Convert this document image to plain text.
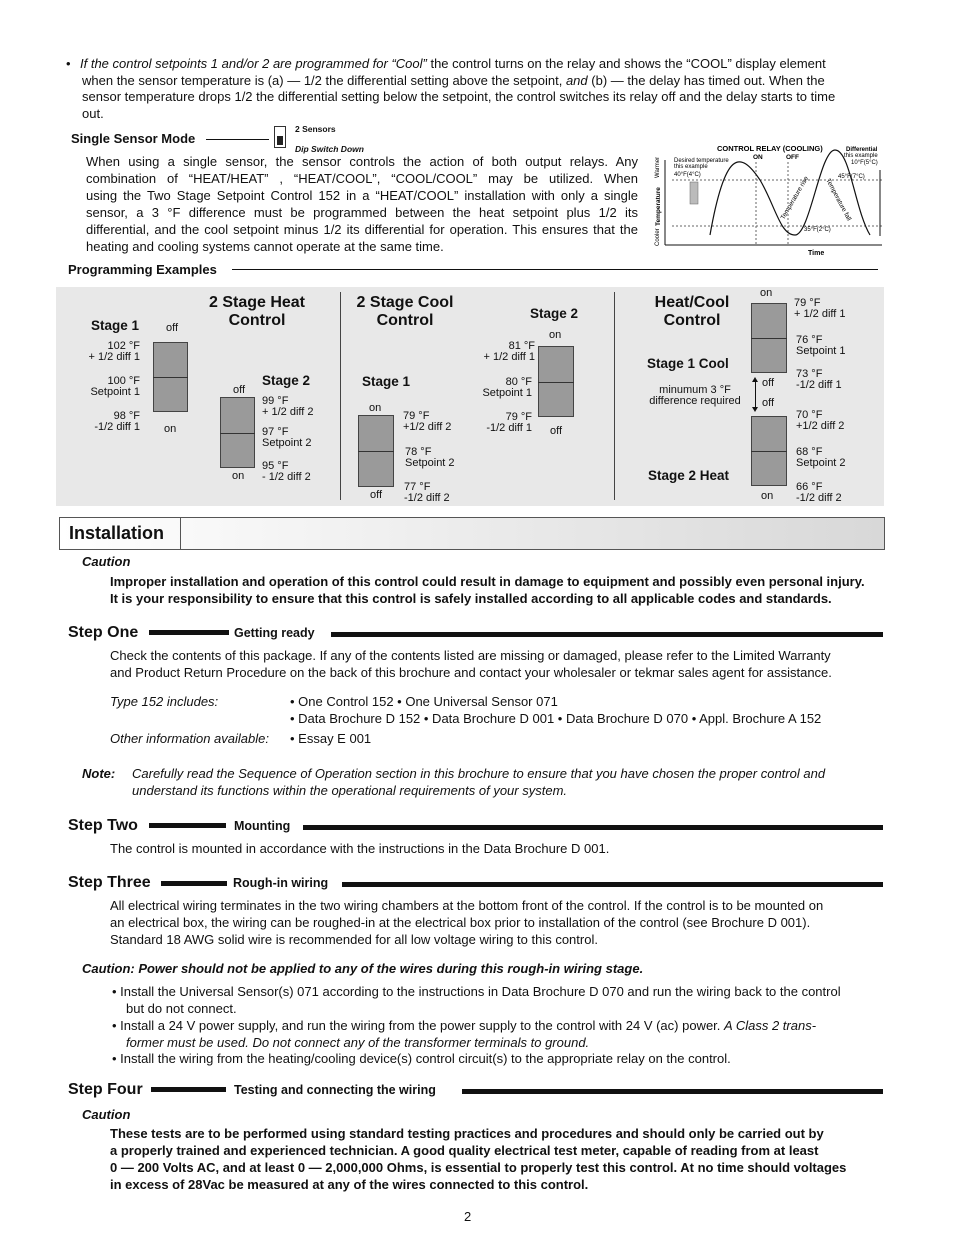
• If the control setpoints 1 and/or 2 are programmed for “Cool” the control turns on the relay and shows the “COOL” display element
when the sensor temperature is (a) — 1/2 the differential setting above the setpoint, and (b) — the delay has timed out. When the
sensor temperature drops 1/2 the differential setting below the setpoint, the control switches its relay off and the delay starts to time
out.
Single Sensor Mode
2 Sensors
Dip Switch Down
When using a single sensor, the sensor controls the action of both output relays. Any
combination of “HEAT/HEAT” , “HEAT/COOL”, “COOL/COOL” may be utilized. When
using the Two Stage Setpoint Control 152 in a “HEAT/COOL” installation with only a single
sensor, a 3 °F difference must be programmed between the heat setpoint plus 1/2 its
differential, and the cool setpoint minus 1/2 its differential for operation. This ensures that the
heating and cooling systems cannot operate at the same time.
CONTROL RELAY (COOLING)
ON	OFF
Differential
this example
10°F(5°C)
Desired temperature
this example
40°F(4°C)	45°F(7°C)
35°F(2°C)
Warmer
Cooler
Temperature
Time
Temperature rise Temperature fall
Programming Examples
2 Stage Heat
Control
Stage 1 off
on
102 °F
+ 1/2 diff 1
100 °F
Setpoint 1
98 °F
-1/2 diff 1
Stage 2
off
on
99 °F
+ 1/2 diff 2
97 °F
Setpoint 2
95 °F
- 1/2 diff 2
2 Stage Cool
Control
Stage 1
on
off
79 °F
+1/2 diff 2
78 °F
Setpoint 2
77 °F
-1/2 diff 2
Stage 2
on
off
81 °F
+ 1/2 diff 1
80 °F
Setpoint 1
79 °F
-1/2 diff 1
Heat/Cool
Control
Stage 1 Cool
minumum 3 °F
difference required
Stage 2 Heat
on
off
off
on
79 °F
+ 1/2 diff 1
76 °F
Setpoint 1
73 °F
-1/2 diff 1
70 °F
+1/2 diff 2
68 °F
Setpoint 2
66 °F
-1/2 diff 2
Installation
Caution
Improper installation and operation of this control could result in damage to equipment and possibly even personal injury.
It is your responsibility to ensure that this control is safely installed according to all applicable codes and standards.
Step One	Getting ready
Check the contents of this package. If any of the contents listed are missing or damaged, please refer to the Limited Warranty
and Product Return Procedure on the back of this brochure and contact your wholesaler or tekmar sales agent for assistance.
Type 152 includes:	• One Control 152 • One Universal Sensor 071
• Data Brochure D 152 • Data Brochure D 001 • Data Brochure D 070 • Appl. Brochure A 152
Other information available: • Essay E 001
Note: Carefully read the Sequence of Operation section in this brochure to ensure that you have chosen the proper control and
understand its functions within the operational requirements of your system.
Step Two	Mounting
The control is mounted in accordance with the instructions in the Data Brochure D 001.
Step Three	Rough-in wiring
All electrical wiring terminates in the two wiring chambers at the bottom front of the control. If the control is to be mounted on
an electrical box, the wiring can be roughed-in at the electrical box prior to installation of the control (see Brochure D 001).
Standard 18 AWG solid wire is recommended for all low voltage wiring to this control.
Caution: Power should not be applied to any of the wires during this rough-in wiring stage.
• Install the Universal Sensor(s) 071 according to the instructions in Data Brochure D 070 and run the wiring back to the control
but do not connect.
• Install a 24 V power supply, and run the wiring from the power supply to the control with 24 V (ac) power. A Class 2 trans-
former must be used. Do not connect any of the transformer terminals to ground.
• Install the wiring from the heating/cooling device(s) control circuit(s) to the appropriate relay on the control.
Step Four	Testing and connecting the wiring
Caution
These tests are to be performed using standard testing practices and procedures and should only be carried out by
a properly trained and experienced technician. A good quality electrical test meter, capable of reading from at least
0 — 200 Volts AC, and at least 0 — 2,000,000 Ohms, is essential to properly test this control. At no time should voltages
in excess of 28Vac be measured at any of the wires connected to this control.
2
